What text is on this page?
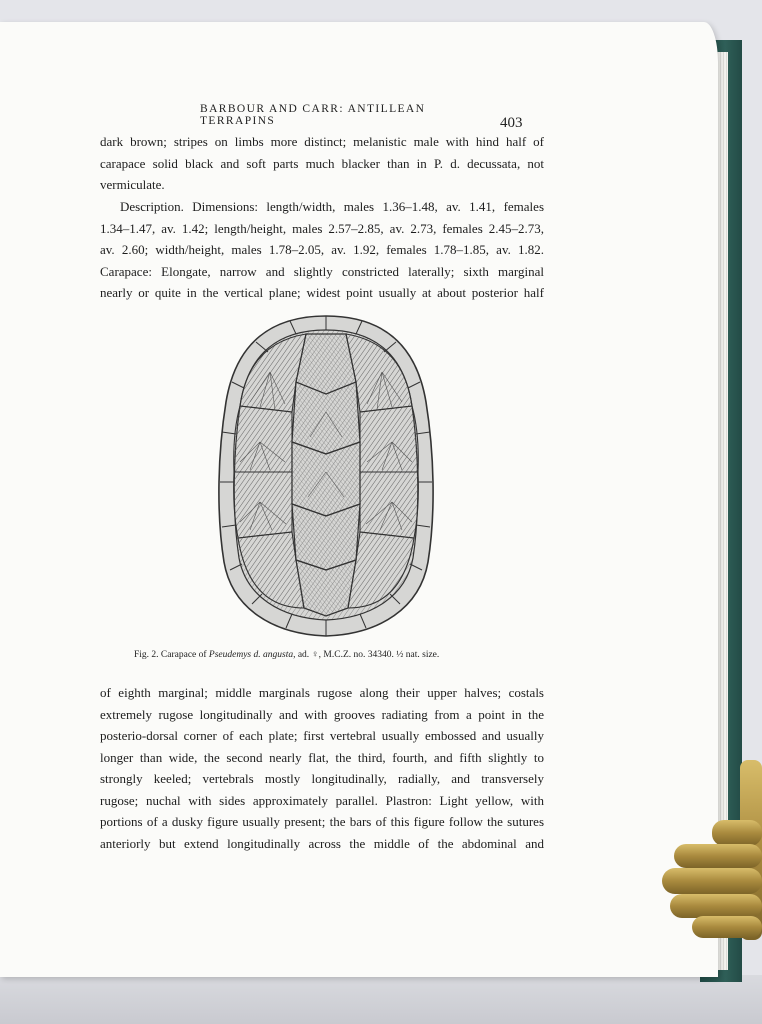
BARBOUR AND CARR: ANTILLEAN TERRAPINS	403
dark brown; stripes on limbs more distinct; melanistic male with hind half of
carapace solid black and soft parts much blacker than in P. d. decussata, not
vermiculate.
Description. Dimensions: length/width, males 1.36–1.48, av. 1.41, females
1.34–1.47, av. 1.42; length/height, males 2.57–2.85, av. 2.73, females 2.45–2.73,
av. 2.60; width/height, males 1.78–2.05, av. 1.92, females 1.78–1.85, av. 1.82.
Carapace: Elongate, narrow and slightly constricted laterally; sixth marginal
nearly or quite in the vertical plane; widest point usually at about posterior half
Fig. 2. Carapace of Pseudemys d. angusta, ad. ♀, M.C.Z. no. 34340. ½ nat. size.
of eighth marginal; middle marginals rugose along their upper halves; costals
extremely rugose longitudinally and with grooves radiating from a point in the
posterio-dorsal corner of each plate; first vertebral usually embossed and usually
longer than wide, the second nearly flat, the third, fourth, and fifth slightly to
strongly keeled; vertebrals mostly longitudinally, radially, and transversely
rugose; nuchal with sides approximately parallel. Plastron: Light yellow, with
portions of a dusky figure usually present; the bars of this figure follow the sutures
anteriorly but extend longitudinally across the middle of the abdominal and
